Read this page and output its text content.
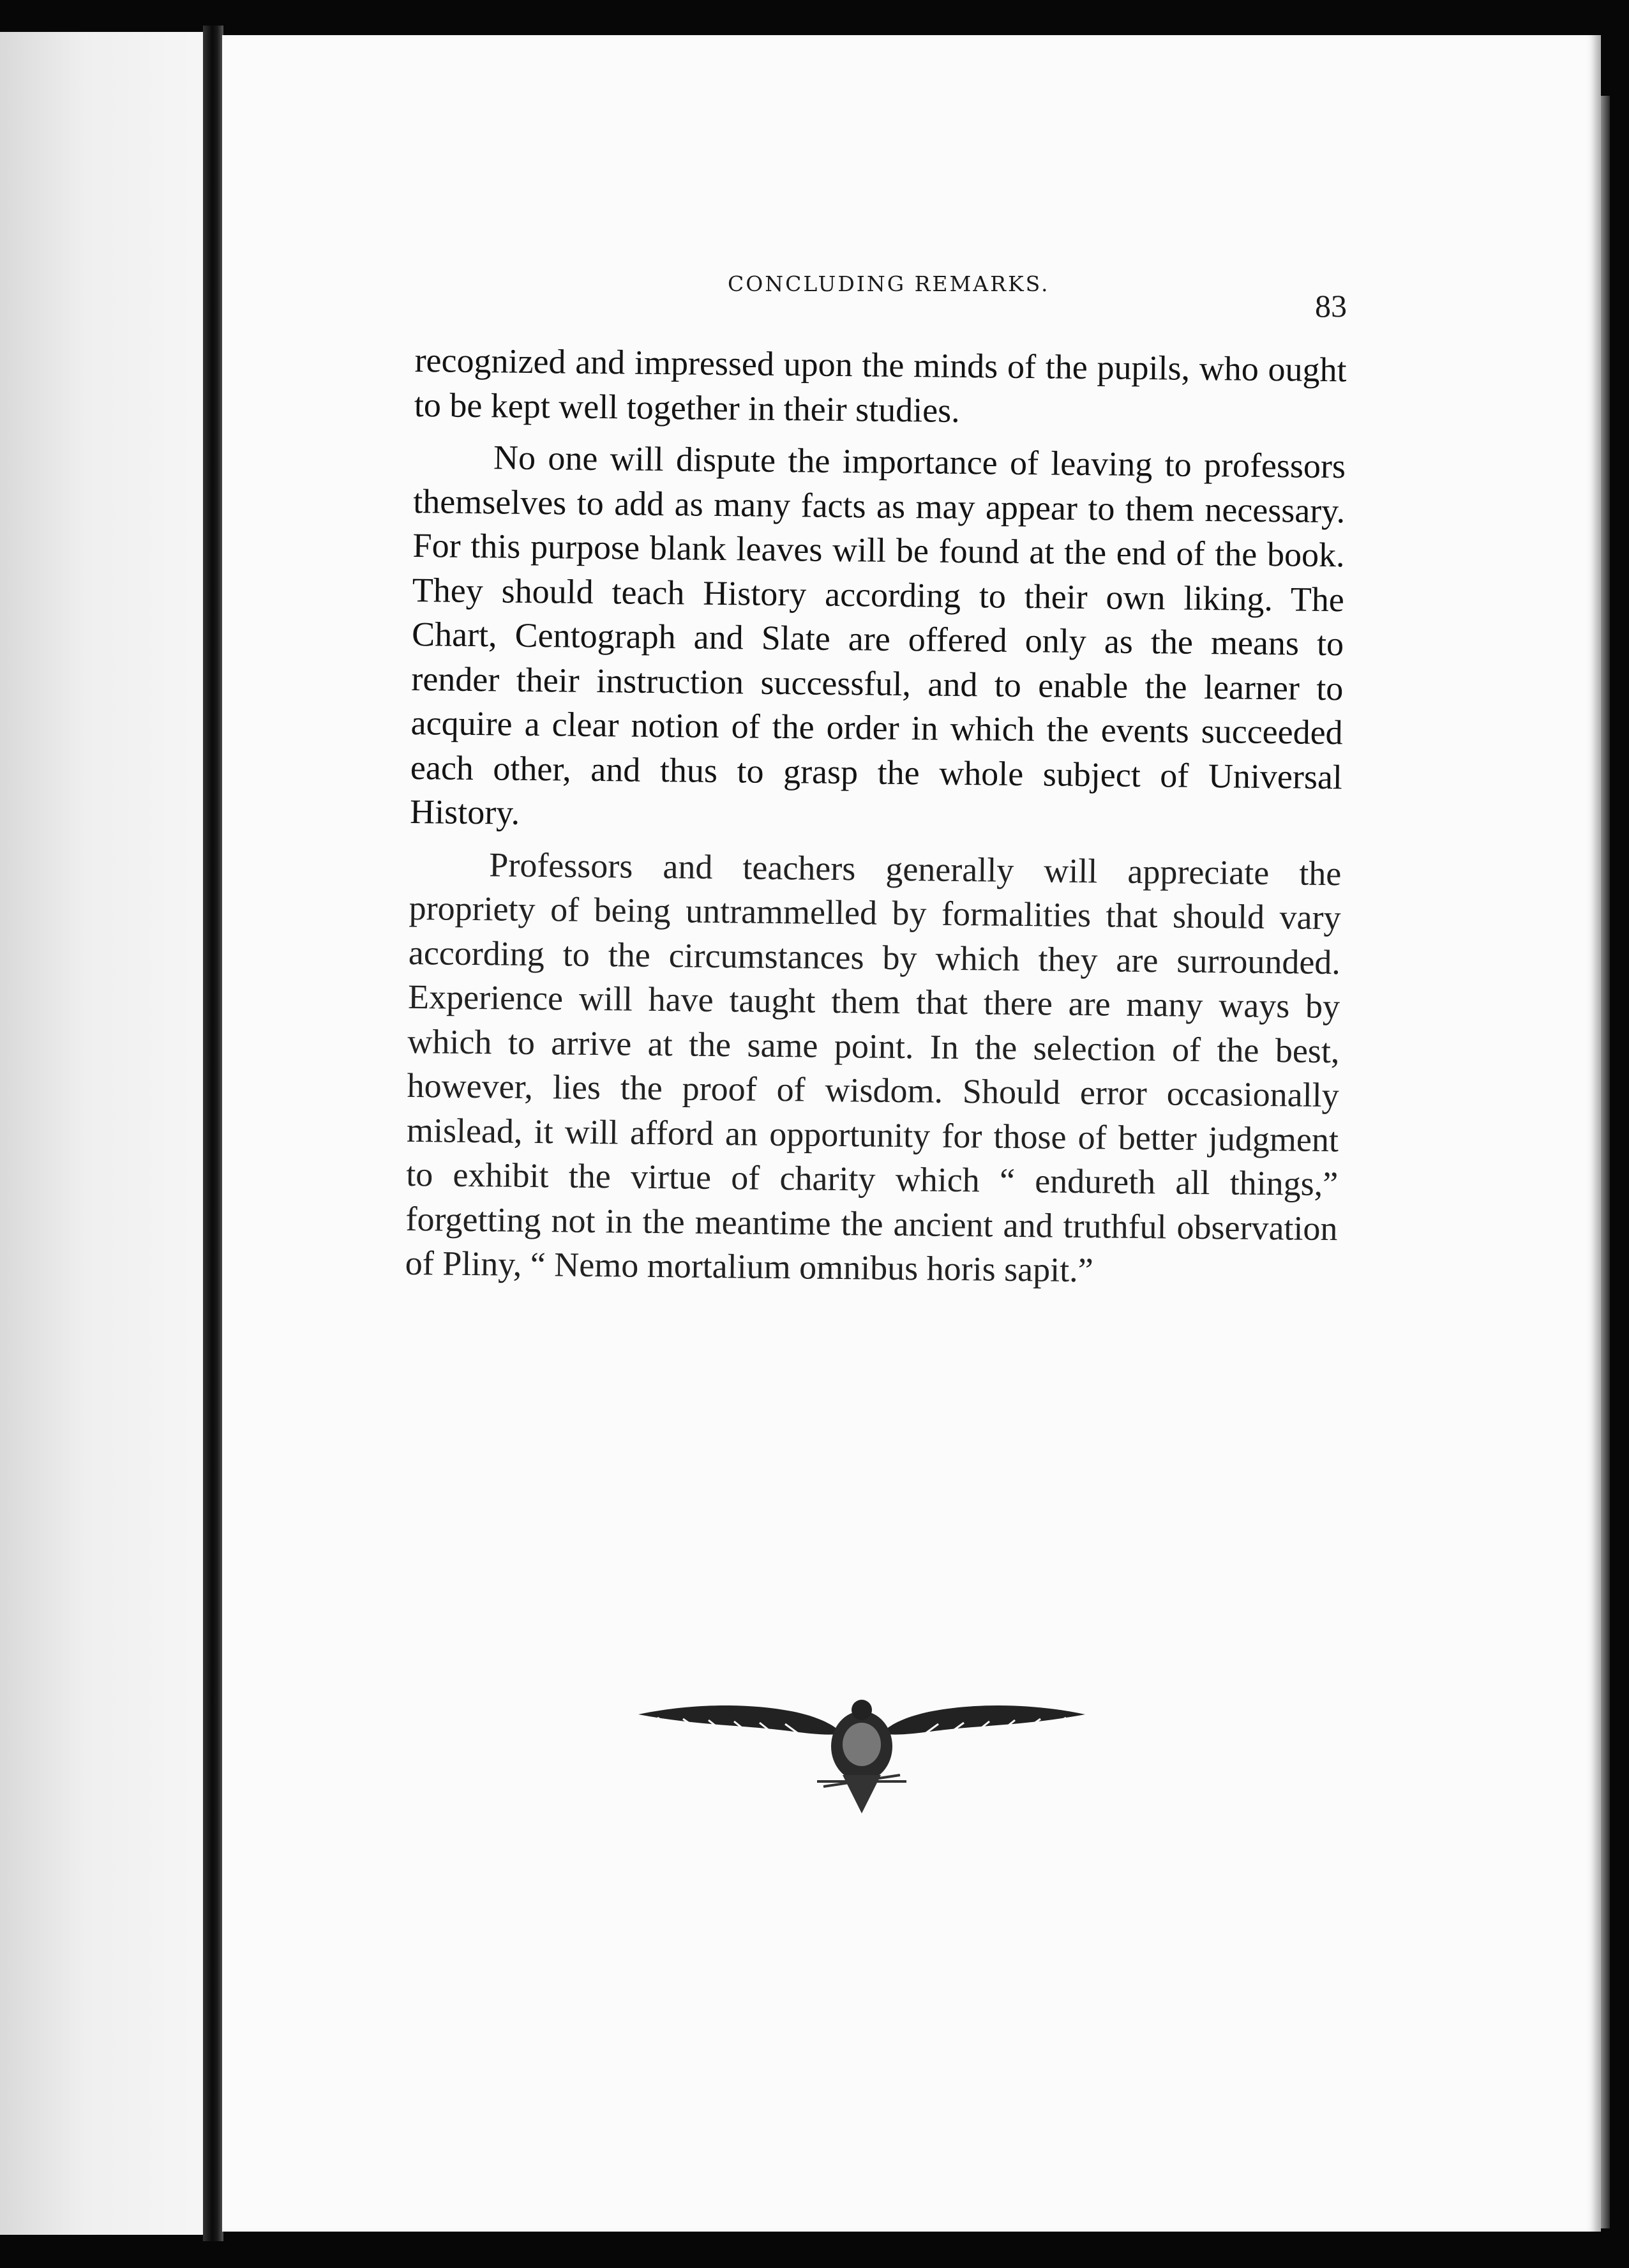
CONCLUDING REMARKS.
83

recognized and impressed upon the minds of the pupils, who ought to be kept well together in their studies.

No one will dispute the importance of leaving to professors themselves to add as many facts as may appear to them necessary. For this purpose blank leaves will be found at the end of the book. They should teach History according to their own liking. The Chart, Centograph and Slate are offered only as the means to render their instruction successful, and to enable the learner to acquire a clear notion of the order in which the events succeeded each other, and thus to grasp the whole subject of Universal History.

Professors and teachers generally will appreciate the propriety of being untrammelled by formalities that should vary according to the circumstances by which they are surrounded. Experience will have taught them that there are many ways by which to arrive at the same point. In the selection of the best, however, lies the proof of wisdom. Should error occasionally mislead, it will afford an opportunity for those of better judgment to exhibit the virtue of charity which “ endureth all things,” forgetting not in the meantime the ancient and truthful observation of Pliny, “ Nemo mortalium omnibus horis sapit.”
